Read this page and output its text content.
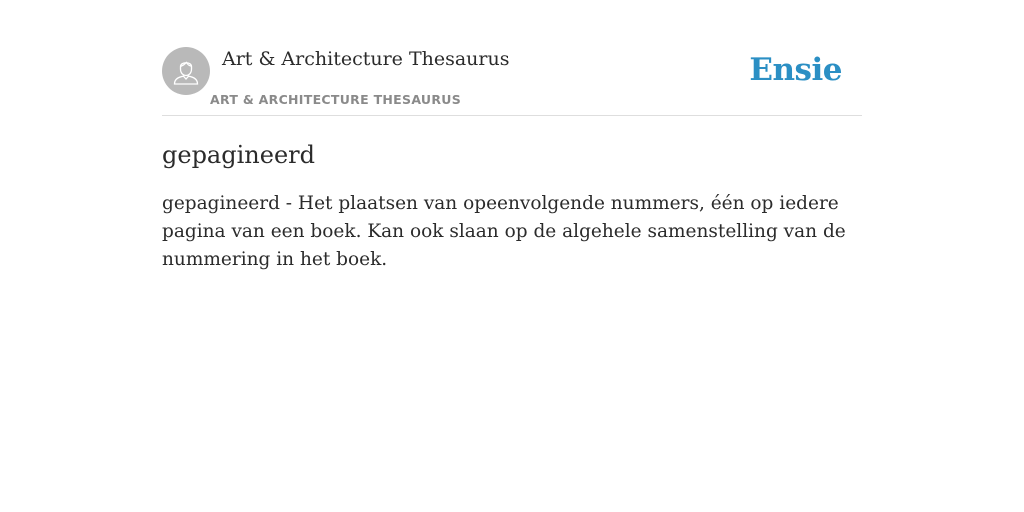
Art & Architecture Thesaurus
ART & ARCHITECTURE THESAURUS
Ensie
gepagineerd

gepagineerd - Het plaatsen van opeenvolgende nummers, één op iedere pagina van een boek. Kan ook slaan op de algehele samenstelling van de nummering in het boek.
